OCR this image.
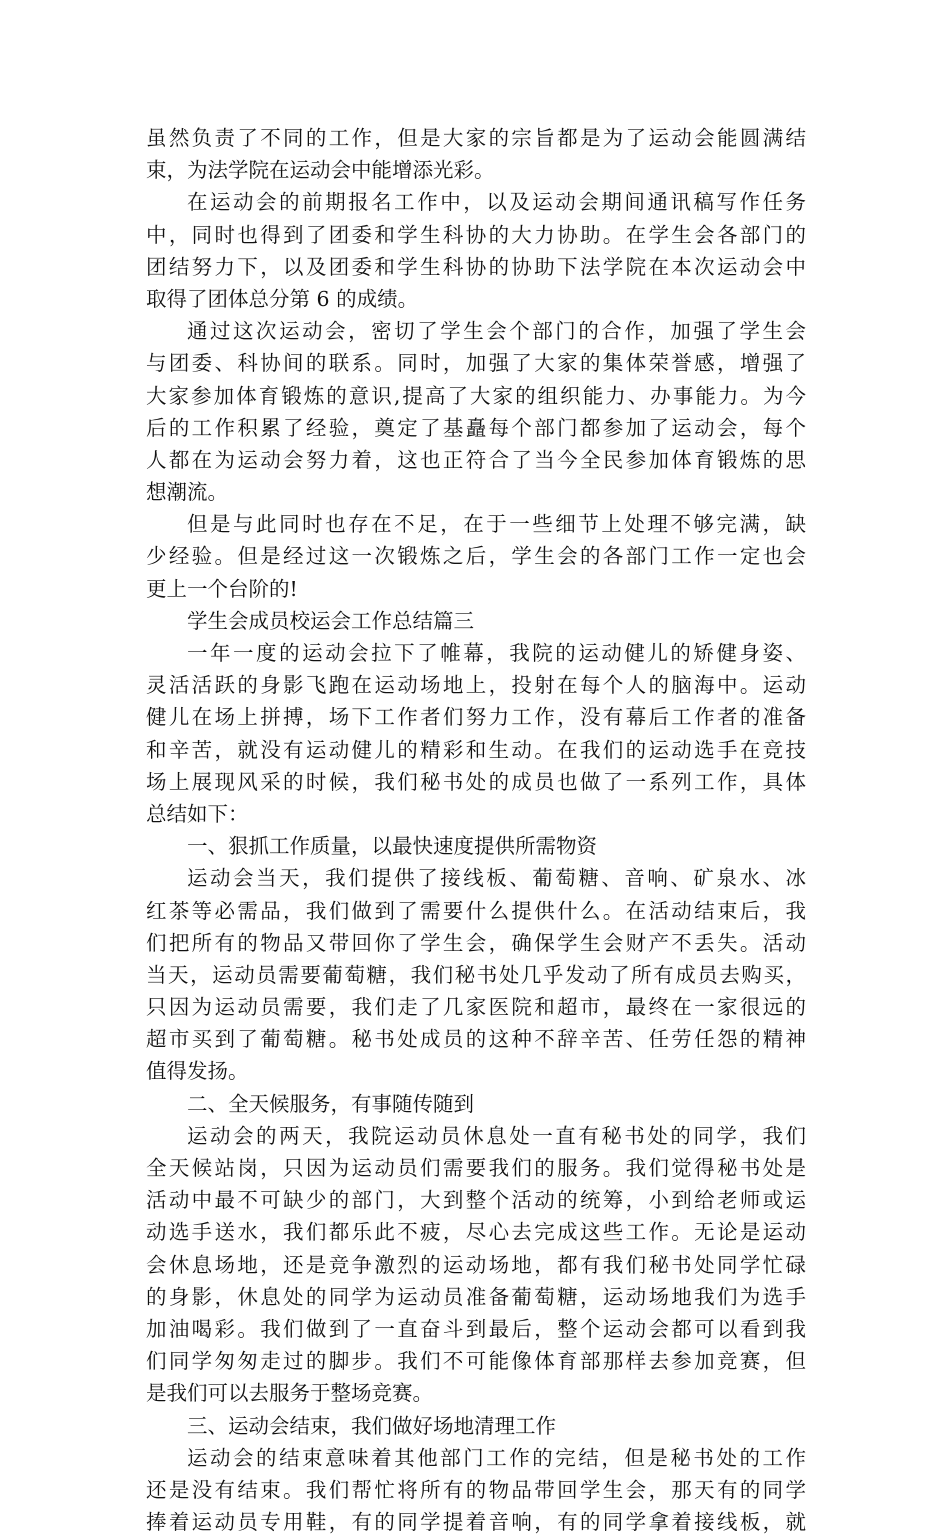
虽然负责了不同的工作，但是大家的宗旨都是为了运动会能圆满结
束，为法学院在运动会中能增添光彩。
在运动会的前期报名工作中，以及运动会期间通讯稿写作任务
中，同时也得到了团委和学生科协的大力协助。在学生会各部门的
团结努力下，以及团委和学生科协的协助下法学院在本次运动会中
取得了团体总分第 6 的成绩。
通过这次运动会，密切了学生会个部门的合作，加强了学生会
与团委、科协间的联系。同时，加强了大家的集体荣誉感，增强了
大家参加体育锻炼的意识,提高了大家的组织能力、办事能力。为今
后的工作积累了经验，奠定了基矗每个部门都参加了运动会，每个
人都在为运动会努力着，这也正符合了当今全民参加体育锻炼的思
想潮流。
但是与此同时也存在不足，在于一些细节上处理不够完满，缺
少经验。但是经过这一次锻炼之后，学生会的各部门工作一定也会
更上一个台阶的!
学生会成员校运会工作总结篇三
一年一度的运动会拉下了帷幕，我院的运动健儿的矫健身姿、
灵活活跃的身影飞跑在运动场地上，投射在每个人的脑海中。运动
健儿在场上拼搏，场下工作者们努力工作，没有幕后工作者的准备
和辛苦，就没有运动健儿的精彩和生动。在我们的运动选手在竞技
场上展现风采的时候，我们秘书处的成员也做了一系列工作，具体
总结如下：
一、狠抓工作质量，以最快速度提供所需物资
运动会当天，我们提供了接线板、葡萄糖、音响、矿泉水、冰
红茶等必需品，我们做到了需要什么提供什么。在活动结束后，我
们把所有的物品又带回你了学生会，确保学生会财产不丢失。活动
当天，运动员需要葡萄糖，我们秘书处几乎发动了所有成员去购买，
只因为运动员需要，我们走了几家医院和超市，最终在一家很远的
超市买到了葡萄糖。秘书处成员的这种不辞辛苦、任劳任怨的精神
值得发扬。
二、全天候服务，有事随传随到
运动会的两天，我院运动员休息处一直有秘书处的同学，我们
全天候站岗，只因为运动员们需要我们的服务。我们觉得秘书处是
活动中最不可缺少的部门，大到整个活动的统筹，小到给老师或运
动选手送水，我们都乐此不疲，尽心去完成这些工作。无论是运动
会休息场地，还是竞争激烈的运动场地，都有我们秘书处同学忙碌
的身影，休息处的同学为运动员准备葡萄糖，运动场地我们为选手
加油喝彩。我们做到了一直奋斗到最后，整个运动会都可以看到我
们同学匆匆走过的脚步。我们不可能像体育部那样去参加竞赛，但
是我们可以去服务于整场竞赛。
三、运动会结束，我们做好场地清理工作
运动会的结束意味着其他部门工作的完结，但是秘书处的工作
还是没有结束。我们帮忙将所有的物品带回学生会，那天有的同学
捧着运动员专用鞋，有的同学提着音响，有的同学拿着接线板，就
